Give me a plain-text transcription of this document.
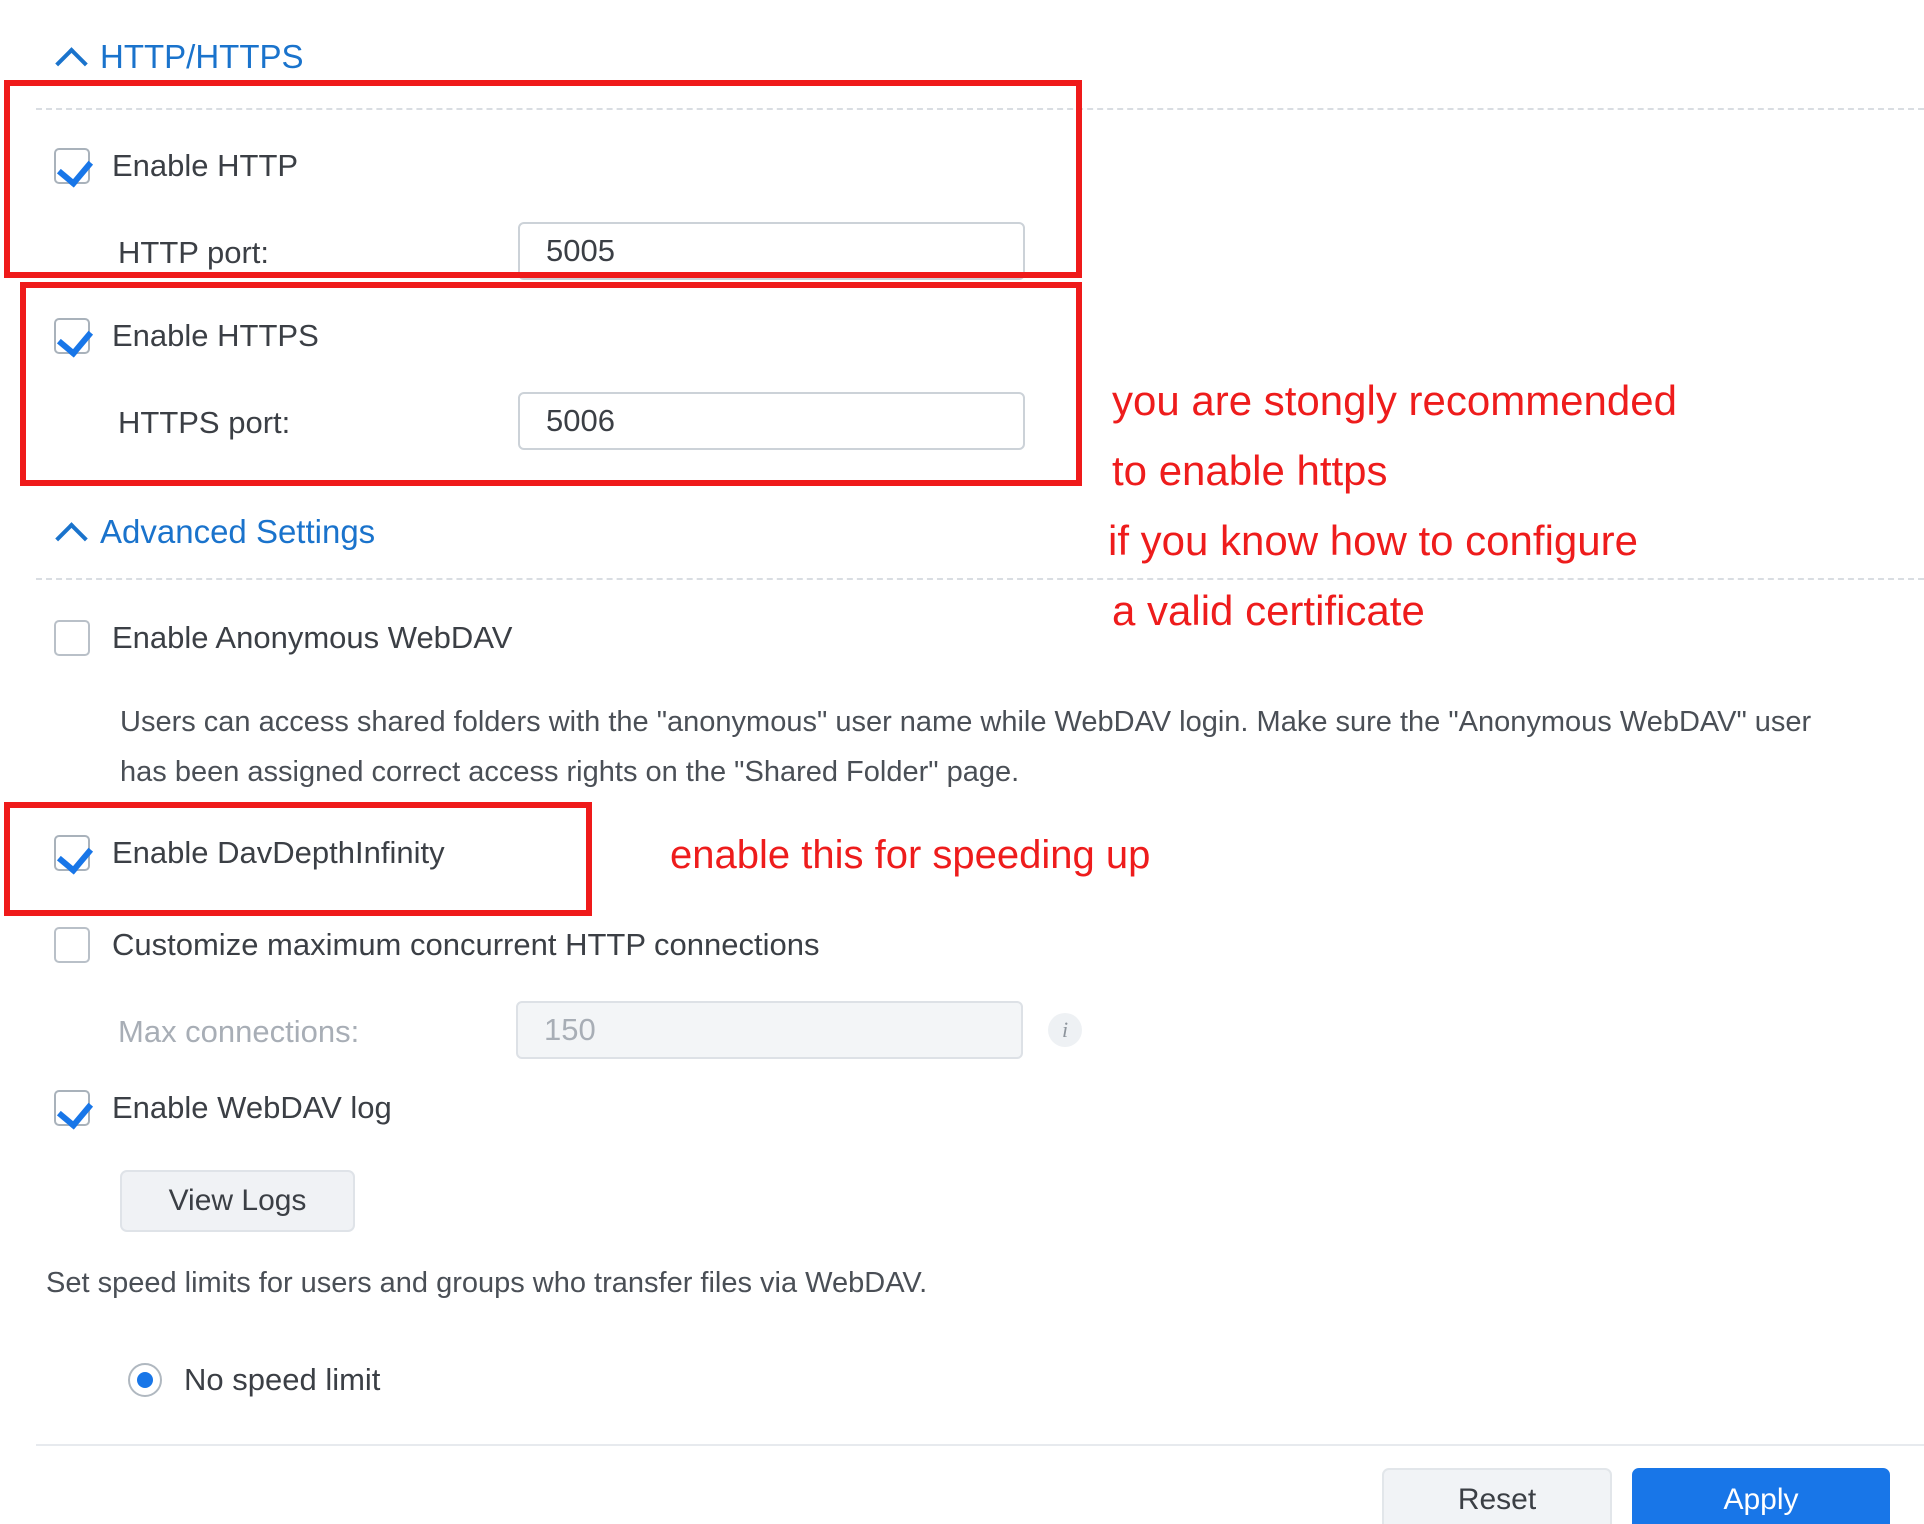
HTTP/HTTPS
Enable HTTP
HTTP port:	5005
Enable HTTPS
HTTPS port:	5006
Advanced Settings
Enable Anonymous WebDAV
Users can access shared folders with the "anonymous" user name while WebDAV login. Make sure the "Anonymous WebDAV" user has been assigned correct access rights on the "Shared Folder" page.
Enable DavDepthInfinity
Customize maximum concurrent HTTP connections
Max connections:	150	i
Enable WebDAV log
View Logs
Set speed limits for users and groups who transfer files via WebDAV.
No speed limit
Reset	Apply
you are stongly recommended
to enable https
if you know how to configure
a valid certificate
enable this for speeding up
